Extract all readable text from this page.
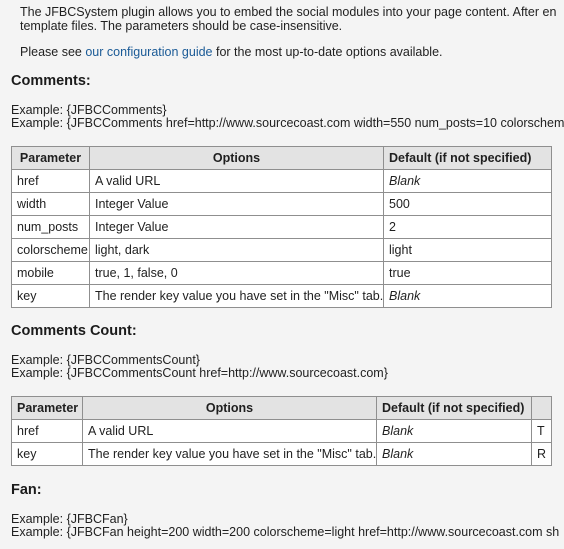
The JFBCSystem plugin allows you to embed the social modules into your page content. After en
template files. The parameters should be case-insensitive.
Please see our configuration guide for the most up-to-date options available.
Comments:
Example: {JFBCComments}
Example: {JFBCComments href=http://www.sourcecoast.com width=550 num_posts=10 colorschem
Parameter	Options	Default (if not specified)
href	A valid URL	Blank
width	Integer Value	500
num_posts	Integer Value	2
colorscheme	light, dark	light
mobile	true, 1, false, 0	true
key	The render key value you have set in the "Misc" tab.	Blank
Comments Count:
Example: {JFBCCommentsCount}
Example: {JFBCCommentsCount href=http://www.sourcecoast.com}
Parameter	Options	Default (if not specified)	
href	A valid URL	Blank	T
key	The render key value you have set in the "Misc" tab.	Blank	R
Fan:
Example: {JFBCFan}
Example: {JFBCFan height=200 width=200 colorscheme=light href=http://www.sourcecoast.com sh
